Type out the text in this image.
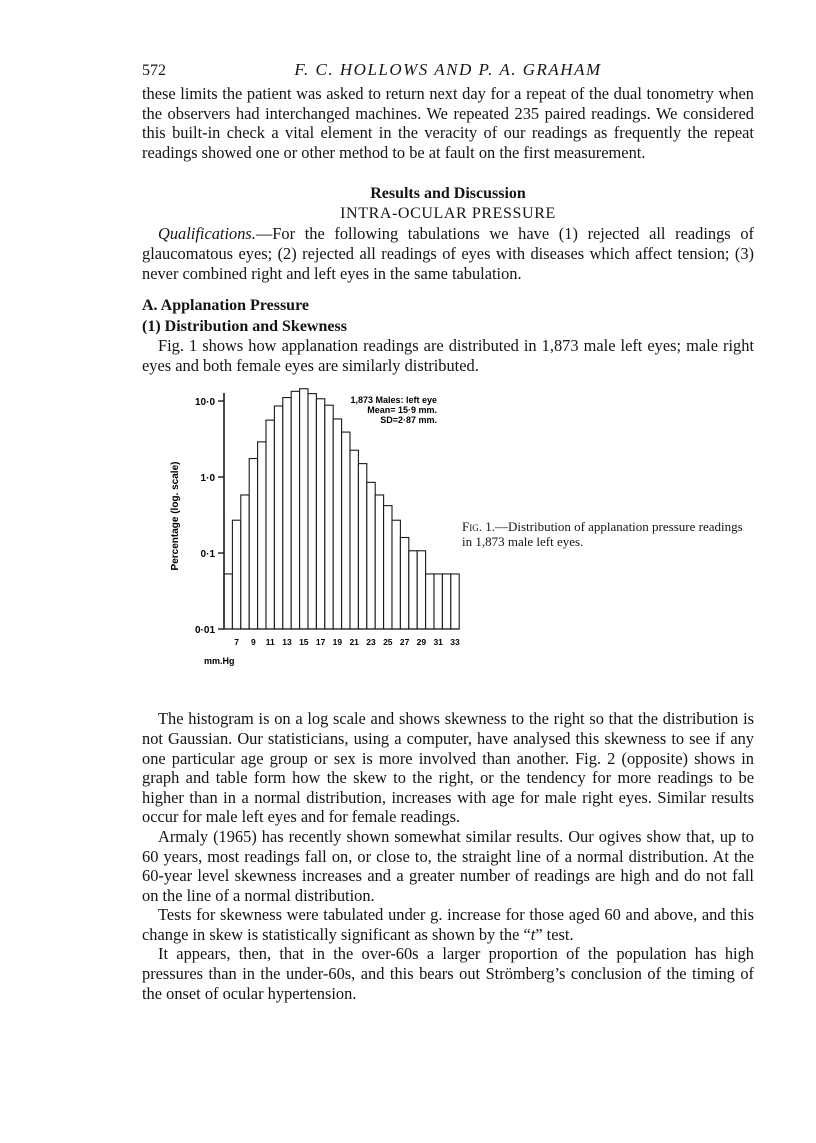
572	F. C. HOLLOWS AND P. A. GRAHAM

these limits the patient was asked to return next day for a repeat of the dual tonometry when the observers had interchanged machines. We repeated 235 paired readings. We considered this built-in check a vital element in the veracity of our readings as frequently the repeat readings showed one or other method to be at fault on the first measurement.

Results and Discussion
INTRA-OCULAR PRESSURE

Qualifications.—For the following tabulations we have (1) rejected all readings of glaucomatous eyes; (2) rejected all readings of eyes with diseases which affect tension; (3) never combined right and left eyes in the same tabulation.

A. Applanation Pressure
(1) Distribution and Skewness

Fig. 1 shows how applanation readings are distributed in 1,873 male left eyes; male right eyes and both female eyes are similarly distributed.

10·0
1·0
0·1
0·01
7 9 11 13 15 17 19 21 23 25 27 29 31 33
1,873 Males: left eye
Mean= 15·9 mm.
SD=2·87 mm.
Percentage (log. scale)
mm.Hg
Fig. 1.—Distribution of applanation pressure readings in 1,873 male left eyes.

The histogram is on a log scale and shows skewness to the right so that the distribution is not Gaussian. Our statisticians, using a computer, have analysed this skewness to see if any one particular age group or sex is more involved than another. Fig. 2 (opposite) shows in graph and table form how the skew to the right, or the tendency for more readings to be higher than in a normal distribution, increases with age for male right eyes. Similar results occur for male left eyes and for female readings.

Armaly (1965) has recently shown somewhat similar results. Our ogives show that, up to 60 years, most readings fall on, or close to, the straight line of a normal distribution. At the 60-year level skewness increases and a greater number of readings are high and do not fall on the line of a normal distribution.

Tests for skewness were tabulated under g. increase for those aged 60 and above, and this change in skew is statistically significant as shown by the “t” test.

It appears, then, that in the over-60s a larger proportion of the population has high pressures than in the under-60s, and this bears out Strömberg’s conclusion of the timing of the onset of ocular hypertension.
